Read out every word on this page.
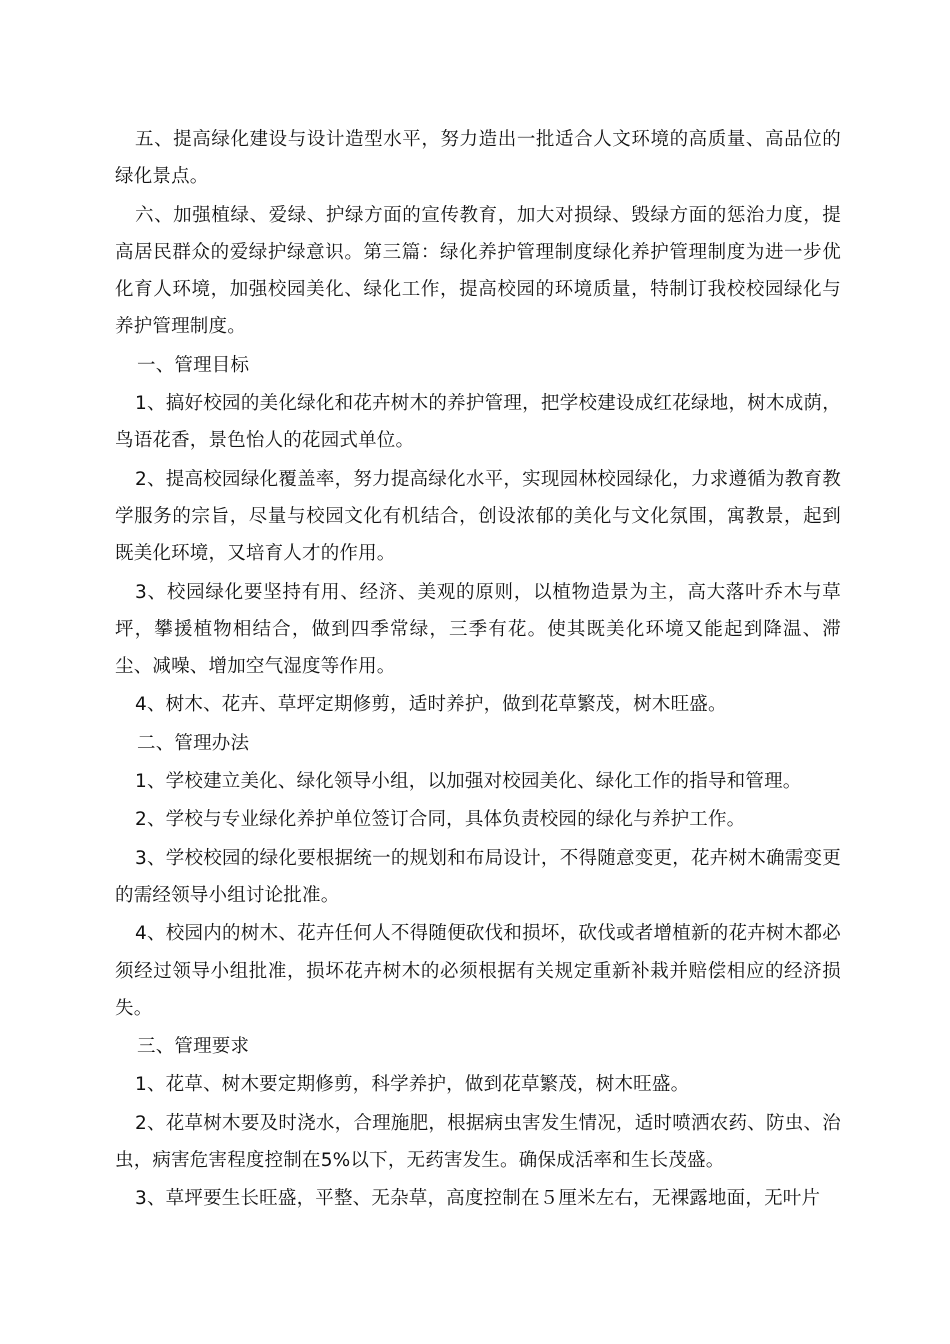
五、提高绿化建设与设计造型水平，努力造出一批适合人文环境的高质量、高品位的绿化景点。

六、加强植绿、爱绿、护绿方面的宣传教育，加大对损绿、毁绿方面的惩治力度，提高居民群众的爱绿护绿意识。第三篇：绿化养护管理制度绿化养护管理制度为进一步优化育人环境，加强校园美化、绿化工作，提高校园的环境质量，特制订我校校园绿化与养护管理制度。

一、管理目标

1、搞好校园的美化绿化和花卉树木的养护管理，把学校建设成红花绿地，树木成荫，鸟语花香，景色怡人的花园式单位。

2、提高校园绿化覆盖率，努力提高绿化水平，实现园林校园绿化，力求遵循为教育教学服务的宗旨，尽量与校园文化有机结合，创设浓郁的美化与文化氛围，寓教景，起到既美化环境，又培育人才的作用。

3、校园绿化要坚持有用、经济、美观的原则，以植物造景为主，高大落叶乔木与草坪，攀援植物相结合，做到四季常绿，三季有花。使其既美化环境又能起到降温、滞尘、减噪、增加空气湿度等作用。

4、树木、花卉、草坪定期修剪，适时养护，做到花草繁茂，树木旺盛。

二、管理办法

1、学校建立美化、绿化领导小组，以加强对校园美化、绿化工作的指导和管理。

2、学校与专业绿化养护单位签订合同，具体负责校园的绿化与养护工作。

3、学校校园的绿化要根据统一的规划和布局设计，不得随意变更，花卉树木确需变更的需经领导小组讨论批准。

4、校园内的树木、花卉任何人不得随便砍伐和损坏，砍伐或者增植新的花卉树木都必须经过领导小组批准，损坏花卉树木的必须根据有关规定重新补栽并赔偿相应的经济损失。

三、管理要求

1、花草、树木要定期修剪，科学养护，做到花草繁茂，树木旺盛。

2、花草树木要及时浇水，合理施肥，根据病虫害发生情况，适时喷洒农药、防虫、治虫，病害危害程度控制在5%以下，无药害发生。确保成活率和生长茂盛。

3、草坪要生长旺盛，平整、无杂草，高度控制在５厘米左右，无裸露地面，无叶片
